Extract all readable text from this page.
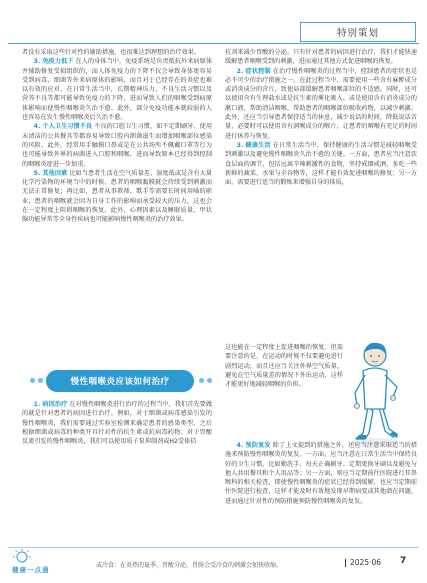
特别策划

者没有采取这些针对性的辅助措施，也很难达到理想的治疗效果。

3. 免疫力低下 在人的身体当中，免疫系统是负责抵抗外来病原体并辅助修复受损组织的，而人体免疫力的下降不仅会导致身体更容易受到病毒、细菌等外来病原体的影响，而且对于已经存在的炎症也难以有效的应对。在日常生活当中，长期精神压力、不良生活习惯以及营养不良等都可能导致免疫力的下降，进而导致人们的咽喉受到病原体影响而使慢性咽喉炎久治不愈。此外，部分免疫功能本就较弱的人也容易在发生慢性咽喉炎后久治不愈。

4. 个人卫生习惯不良 不良的口腔卫生习惯，如不定期刷牙、使用未清洁的公共餐具等都容易导致口腔内细菌滋生而增加咽喉部位感染的风险。此外，经常用手触摸口鼻或是在公共场所不佩戴口罩等行为也可能导致外界的病菌进入口腔和咽喉，进而导致原本已经得到控制的咽喉炎症进一步加重。

5. 其他因素 比如当患者生活在空气质量差、湿度低或是含有大量化学污染物的环境当中的时候，患者的咽喉黏膜就会持续受到刺激而无法正常修复；再比如，患者从事教师、歌手等需要长时间用嗓的职业，患者的咽喉就会因为自身工作的影响而承受较大的压力，这也会在一定程度上阻碍咽喉的恢复。此外，心理因素以及睡眠质量、甲状腺功能异常等全身性疾病也可能影响慢性咽喉炎的治疗效果。

慢性咽喉炎应该如何治疗

1. 病因治疗 在对慢性咽喉炎进行治疗的过程当中，我们首先要做的就是针对患者的病因进行治疗。例如，对于细菌或病毒感染引发的慢性咽喉炎，我们需要通过实验室检测来确定患者的感染类型，之后根据细菌或病毒的种类开具针对性的抗生素或抗病毒药物；对于胃酸反流引发的慢性咽喉炎，我们可以使用质子泵抑制剂或H2受体拮

抗剂来减少胃酸的分泌。只有针对患者的病因进行治疗，我们才能快速缓解患者咽喉受到的刺激，进而通过其他方式促进咽喉的恢复。

2. 症状控制 在治疗慢性咽喉炎的过程当中，控制患者的症状也是必不可少的治疗措施之一。在此过程当中，需要使用一些含有麻醉成分或消炎成分的含片，致使局部缓解患者咽喉部位的不适感。同时，还可以使用含有生理盐水或是抗生素的雾化吸入、或是使用含有消炎成分的漱口液，帮助清洁咽喉，帮助患者的咽喉部位吸收药物，以减少刺激。此外，还应当引导患者保持适当的休息，减少说话的时间，降低说话音量，必要时可以使用含有润喉成分的喉片，让患者的咽喉有充足的时间进行休养与恢复。

3. 健康生活 在日常生活当中，保持健康的生活习惯是减轻咽喉受到刺激以及避免慢性咽喉炎久治不愈的关键。一方面，患者应当注意饮食层面的调节，包括远离辛辣刺激性的食物，坚持戒烟戒酒，多吃一些新鲜的蔬菜、水果与全谷物等，这样才能有效促进咽喉的修复；另一方面，需要进行适当的锻炼来增强自身的体质，

这也能在一定程度上促进咽喉的恢复。但需要注意的是，在运动的时候不仅要避免进行剧烈运动，而且还应当关注外界空气质量，避免在空气质量差的情况下外出运动，这样才能更好地减轻咽喉的负担。

4. 预防复发 除了上文提到的措施之外，还应当注意采取适当的措施来预防慢性咽喉炎的复发。一方面，应当注意在日常生活当中保持良好的卫生习惯，比如勤洗手、每天正确刷牙、定期更换牙刷以及避免与他人共用餐具和个人用品等；另一方面，则应当定期前往医院进行耳鼻喉科的相关检查，即使慢性咽喉炎的症状已经得到缓解，也应当定期前往医院进行检查，这样才能及时有效地发现早期病变或其他潜在问题，进而通过针对性的预防措施预防慢性咽喉炎的复发。

健康一点通
或冷食：在炎热的夏季，胃酸分泌，胃肠会受冷食的刺激会加快收缩。	2025·06 7
